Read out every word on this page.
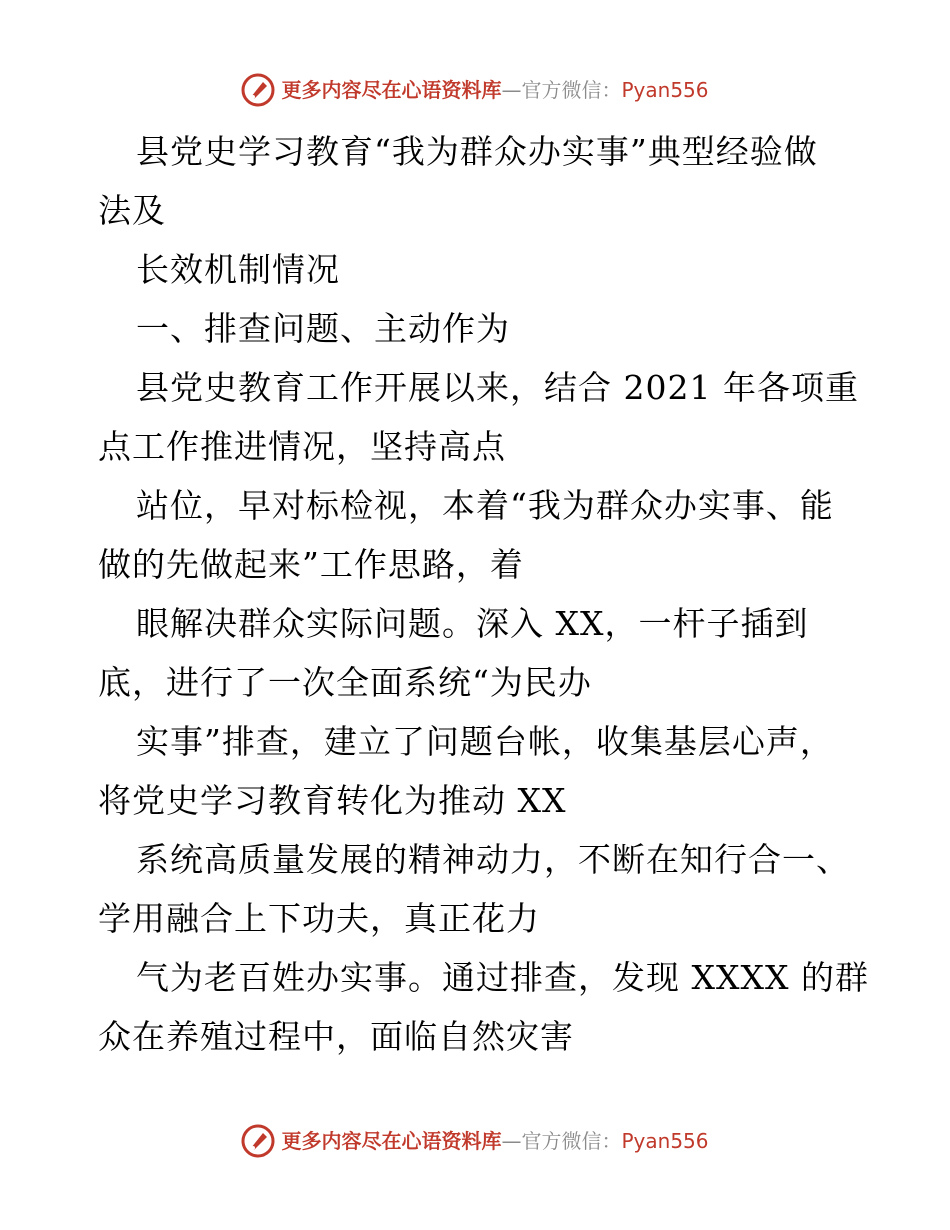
更多内容尽在心语资料库 — 官方微信： Pyan556
县党史学习教育“我为群众办实事”典型经验做
法及
长效机制情况
一、排查问题、主动作为
县党史教育工作开展以来，结合 2021 年各项重
点工作推进情况，坚持高点
站位，早对标检视，本着“我为群众办实事、能
做的先做起来”工作思路，着
眼解决群众实际问题。深入 XX，一杆子插到
底，进行了一次全面系统“为民办
实事”排查，建立了问题台帐，收集基层心声，
将党史学习教育转化为推动 XX
系统高质量发展的精神动力，不断在知行合一、
学用融合上下功夫，真正花力
气为老百姓办实事。通过排查，发现 XXXX 的群
众在养殖过程中，面临自然灾害
更多内容尽在心语资料库 — 官方微信： Pyan556
